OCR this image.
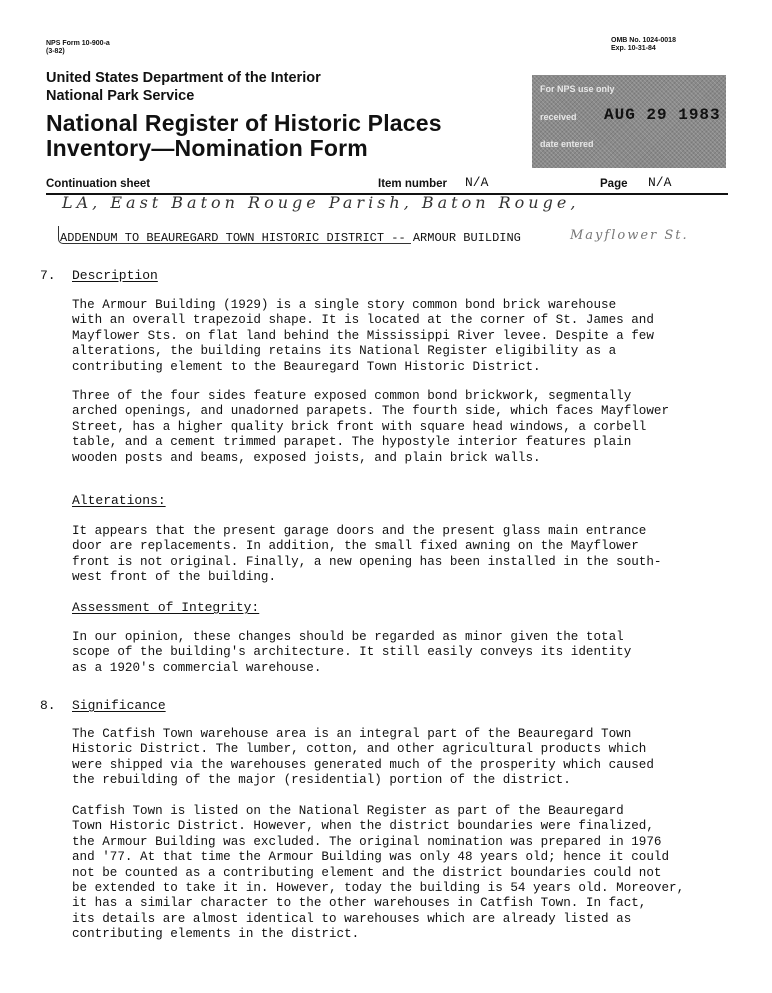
NPS Form 10-900-a
(3-82)
OMB No. 1024-0018
Exp. 10-31-84
United States Department of the Interior
National Park Service
National Register of Historic Places
Inventory—Nomination Form
For NPS use only
received AUG 29 1983
date entered
Continuation sheet	Item number N/A	Page N/A
LA, East Baton Rouge Parish, Baton Rouge,
ADDENDUM TO BEAUREGARD TOWN HISTORIC DISTRICT -- ARMOUR BUILDING	Mayflower St.
7. Description
The Armour Building (1929) is a single story common bond brick warehouse
with an overall trapezoid shape. It is located at the corner of St. James and
Mayflower Sts. on flat land behind the Mississippi River levee. Despite a few
alterations, the building retains its National Register eligibility as a
contributing element to the Beauregard Town Historic District.
Three of the four sides feature exposed common bond brickwork, segmentally
arched openings, and unadorned parapets. The fourth side, which faces Mayflower
Street, has a higher quality brick front with square head windows, a corbell
table, and a cement trimmed parapet. The hypostyle interior features plain
wooden posts and beams, exposed joists, and plain brick walls.
Alterations:
It appears that the present garage doors and the present glass main entrance
door are replacements. In addition, the small fixed awning on the Mayflower
front is not original. Finally, a new opening has been installed in the south-
west front of the building.
Assessment of Integrity:
In our opinion, these changes should be regarded as minor given the total
scope of the building's architecture. It still easily conveys its identity
as a 1920's commercial warehouse.
8. Significance
The Catfish Town warehouse area is an integral part of the Beauregard Town
Historic District. The lumber, cotton, and other agricultural products which
were shipped via the warehouses generated much of the prosperity which caused
the rebuilding of the major (residential) portion of the district.
Catfish Town is listed on the National Register as part of the Beauregard
Town Historic District. However, when the district boundaries were finalized,
the Armour Building was excluded. The original nomination was prepared in 1976
and '77. At that time the Armour Building was only 48 years old; hence it could
not be counted as a contributing element and the district boundaries could not
be extended to take it in. However, today the building is 54 years old. Moreover,
it has a similar character to the other warehouses in Catfish Town. In fact,
its details are almost identical to warehouses which are already listed as
contributing elements in the district.
